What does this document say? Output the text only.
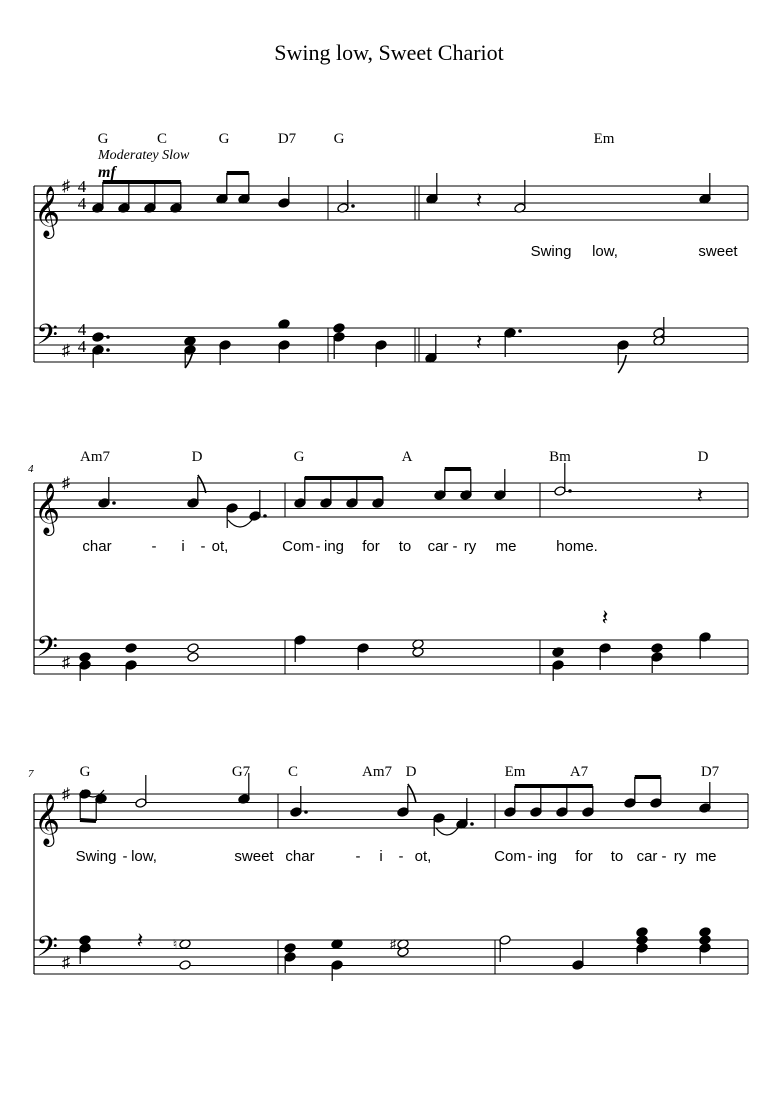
Swing low, Sweet Chariot
𝄞
𝄢
♯
♯
𝄞
𝄢
♯
♯
𝄞
𝄢
♯
♯
4
4
4
4
𝄽
𝄽
𝄽
𝄽
𝄽 ♮	♯
G	C	G	D7 G	Em
Am7	D	G	A	Bm	D
G	G7	C	Am7 D	Em	A7	D7
Swing low,	sweet
char	- i - ot,	Com - ing for to car - ry me	home.
Swing - low,	sweet char	- i - ot,	Com - ing for to car - ry me
Moderatey Slow
mf
4
7
